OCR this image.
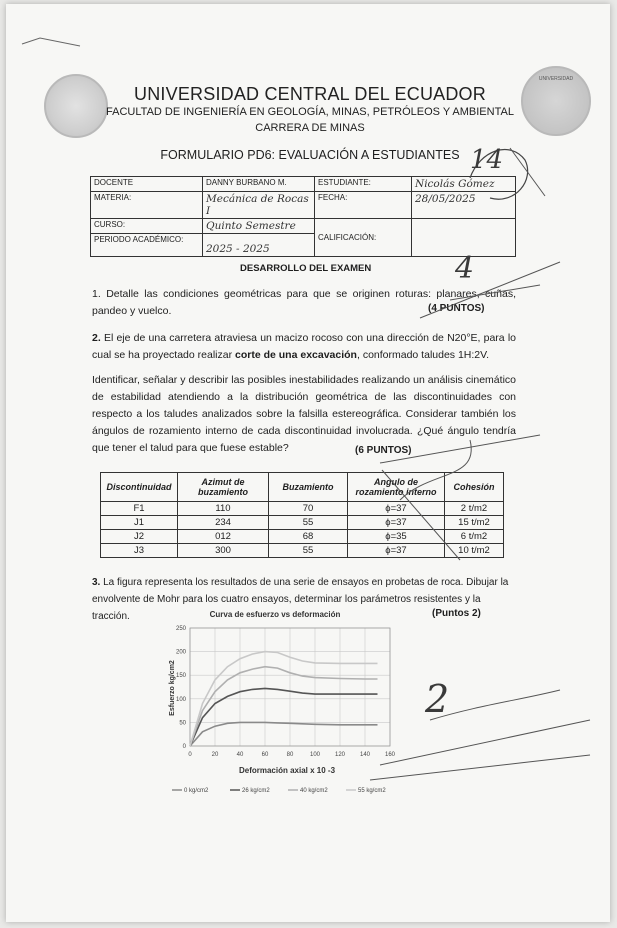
UNIVERSIDAD
UNIVERSIDAD CENTRAL DEL ECUADOR
FACULTAD DE INGENIERÍA EN GEOLOGÍA, MINAS, PETRÓLEOS Y AMBIENTAL
CARRERA DE MINAS
FORMULARIO PD6: EVALUACIÓN A ESTUDIANTES
DOCENTE	DANNY BURBANO M.	ESTUDIANTE:	Nicolás Gómez
MATERIA:	Mecánica de Rocas I	FECHA:	28/05/2025
CURSO:	Quinto Semestre	CALIFICACIÓN:	
PERIODO ACADÉMICO:	2025 - 2025		
DESARROLLO DEL EXAMEN
1. Detalle las condiciones geométricas para que se originen roturas: planares, cuñas, pandeo y vuelco.	(4 PUNTOS)
2. El eje de una carretera atraviesa un macizo rocoso con una dirección de N20°E, para lo cual se ha proyectado realizar corte de una excavación, conformado taludes 1H:2V.
Identificar, señalar y describir las posibles inestabilidades realizando un análisis cinemático de estabilidad atendiendo a la distribución geométrica de las discontinuidades con respecto a los taludes analizados sobre la falsilla estereográfica. Considerar también los ángulos de rozamiento interno de cada discontinuidad involucrada. ¿Qué ángulo tendría que tener el talud para que fuese estable?	(6 PUNTOS)
Discontinuidad	Azimut de buzamiento	Buzamiento	Angulo de rozamiento interno	Cohesión
F1	110	70	ϕ=37	2 t/m2
J1	234	55	ϕ=37	15 t/m2
J2	012	68	ϕ=35	6 t/m2
J3	300	55	ϕ=37	10 t/m2
3. La figura representa los resultados de una serie de ensayos en probetas de roca. Dibujar la envolvente de Mohr para los cuatro ensayos, determinar los parámetros resistentes y la tracción.	(Puntos 2)
Curva de esfuerzo vs deformación
0	20	40	60	80	100 120 140 160
0
50
100
150
200
250
0 kg/cm2	26 kg/cm2	40 kg/cm2	55 kg/cm2
Esfuerzo kg/cm2
Deformación axial x 10 -3
14
4
2
